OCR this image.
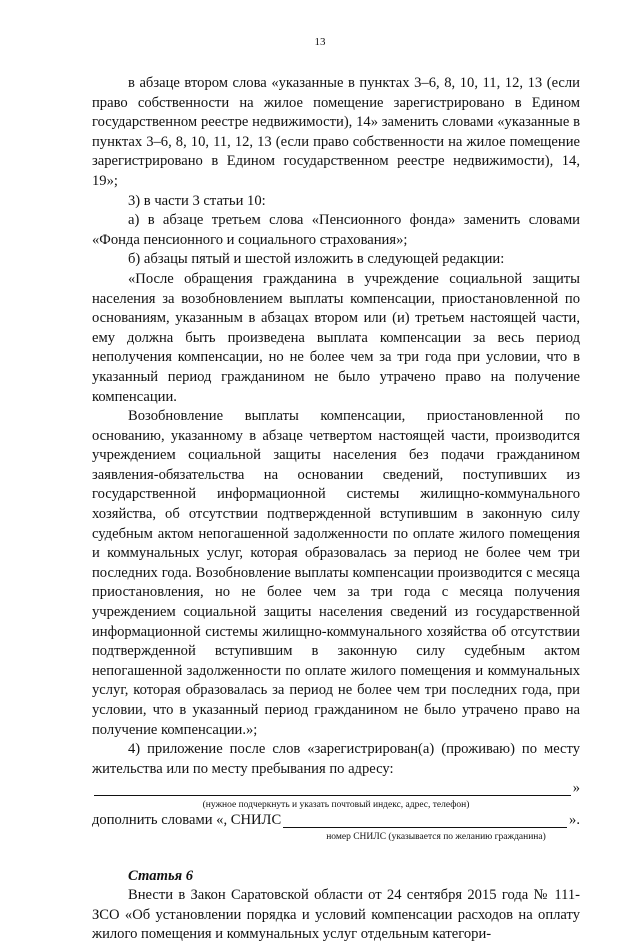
13

в абзаце втором слова «указанные в пунктах 3–6, 8, 10, 11, 12, 13 (если право собственности на жилое помещение зарегистрировано в Едином государственном реестре недвижимости), 14» заменить словами «указанные в пунктах 3–6, 8, 10, 11, 12, 13 (если право собственности на жилое помещение зарегистрировано в Едином государственном реестре недвижимости), 14, 19»;

3) в части 3 статьи 10:

а) в абзаце третьем слова «Пенсионного фонда» заменить словами «Фонда пенсионного и социального страхования»;

б) абзацы пятый и шестой изложить в следующей редакции:

«После обращения гражданина в учреждение социальной защиты населения за возобновлением выплаты компенсации, приостановленной по основаниям, указанным в абзацах втором или (и) третьем настоящей части, ему должна быть произведена выплата компенсации за весь период неполучения компенсации, но не более чем за три года при условии, что в указанный период гражданином не было утрачено право на получение компенсации.

Возобновление выплаты компенсации, приостановленной по основанию, указанному в абзаце четвертом настоящей части, производится учреждением социальной защиты населения без подачи гражданином заявления-обязательства на основании сведений, поступивших из государственной информационной системы жилищно-коммунального хозяйства, об отсутствии подтвержденной вступившим в законную силу судебным актом непогашенной задолженности по оплате жилого помещения и коммунальных услуг, которая образовалась за период не более чем три последних года. Возобновление выплаты компенсации производится с месяца приостановления, но не более чем за три года с месяца получения учреждением социальной защиты населения сведений из государственной информационной системы жилищно-коммунального хозяйства об отсутствии подтвержденной вступившим в законную силу судебным актом непогашенной задолженности по оплате жилого помещения и коммунальных услуг, которая образовалась за период не более чем три последних года, при условии, что в указанный период гражданином не было утрачено право на получение компенсации.»;

4) приложение после слов «зарегистрирован(а) (проживаю) по месту жительства или по месту пребывания по адресу:

»
(нужное подчеркнуть и указать почтовый индекс, адрес, телефон)
дополнить словами «, СНИЛС	».
номер СНИЛС (указывается по желанию гражданина)

Статья 6

Внести в Закон Саратовской области от 24 сентября 2015 года № 111-ЗСО «Об установлении порядка и условий компенсации расходов на оплату жилого помещения и коммунальных услуг отдельным категори-
